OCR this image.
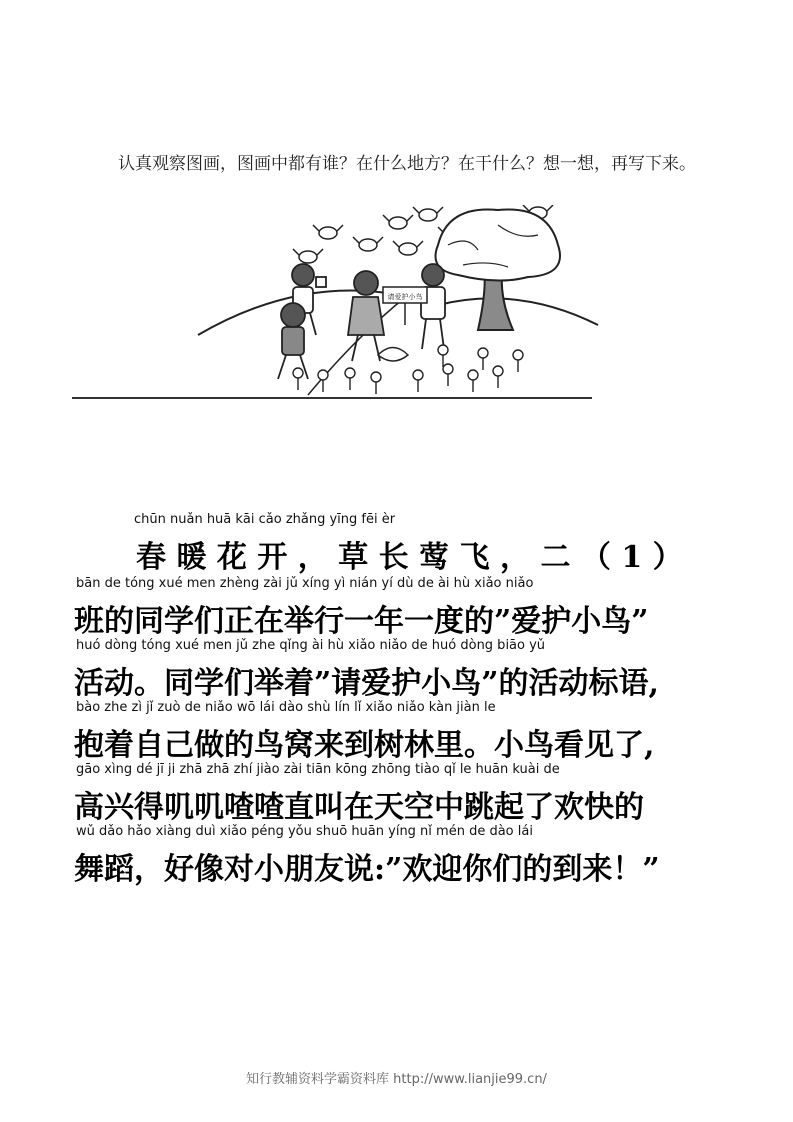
认真观察图画，图画中都有谁？在什么地方？在干什么？想一想，再写下来。
请爱护小鸟
chūn nuǎn huā kāi cǎo zhǎng yīng fēi èr
春 暖 花 开 ， 草 长 莺 飞 ， 二 （ 1 ）
bān de tóng xué men zhèng zài jǔ xíng yì nián yí dù de ài hù xiǎo niǎo
班的同学们正在举行一年一度的”爱护小鸟”
huó dòng tóng xué men jǔ zhe qǐng ài hù xiǎo niǎo de huó dòng biāo yǔ
活动。同学们举着”请爱护小鸟”的活动标语,
bào zhe zì jǐ zuò de niǎo wō lái dào shù lín lǐ xiǎo niǎo kàn jiàn le
抱着自己做的鸟窝来到树林里。小鸟看见了,
gāo xìng dé jī ji zhā zhā zhí jiào zài tiān kōng zhōng tiào qǐ le huān kuài de
高兴得叽叽喳喳直叫在天空中跳起了欢快的
wǔ dǎo hǎo xiàng duì xiǎo péng yǒu shuō huān yíng nǐ mén de dào lái
舞蹈，好像对小朋友说:”欢迎你们的到来！”
知行教辅资料学霸资料库 http://www.lianjie99.cn/
